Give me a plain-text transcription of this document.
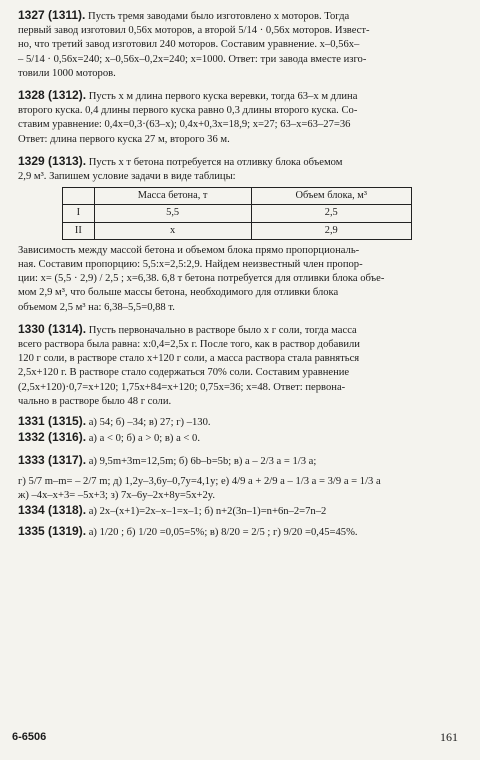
1327 (1311). Пусть тремя заводами было изготовлено x моторов. Тогда

первый завод изготовил 0,56x моторов, а второй 5/14 · 0,56x моторов. Извест-

но, что третий завод изготовил 240 моторов. Составим уравнение. x–0,56x–

– 5/14 · 0,56x=240; x–0,56x–0,2x=240; x=1000. Ответ: три завода вместе изго-

товили 1000 моторов.

1328 (1312). Пусть x м длина первого куска веревки, тогда 63–x м длина

второго куска. 0,4 длины первого куска равно 0,3 длины второго куска. Со-

ставим уравнение: 0,4x=0,3·(63–x); 0,4x+0,3x=18,9; x=27; 63–x=63–27=36

Ответ: длина первого куска 27 м, второго 36 м.

1329 (1313). Пусть x т бетона потребуется на отливку блока объемом

2,9 м³. Запишем условие задачи в виде таблицы:

	Масса бетона, т	Объем блока, м³
I	5,5	2,5
II	x	2,9

Зависимость между массой бетона и объемом блока прямо пропорциональ-

ная. Составим пропорцию: 5,5:x=2,5:2,9. Найдем неизвестный член пропор-

ции: x= (5,5 · 2,9) / 2,5 ; x=6,38. 6,8 т бетона потребуется для отливки блока объе-

мом 2,9 м³, что больше массы бетона, необходимого для отливки блока

объемом 2,5 м³ на: 6,38–5,5=0,88 т.

1330 (1314). Пусть первоначально в растворе было x г соли, тогда масса

всего раствора была равна: x:0,4=2,5x г. После того, как в раствор добавили

120 г соли, в растворе стало x+120 г соли, а масса раствора стала равняться

2,5x+120 г. В растворе стало содержаться 70% соли. Составим уравнение

(2,5x+120)·0,7=x+120; 1,75x+84=x+120; 0,75x=36; x=48. Ответ: первона-

чально в растворе было 48 г соли.

1331 (1315). а) 54; б) –34; в) 27; г) –130.

1332 (1316). а) a < 0; б) a > 0; в) a < 0.

1333 (1317). а) 9,5m+3m=12,5m; б) 6b–b=5b; в) a – 2/3 a = 1/3 a;

г) 5/7 m–m= – 2/7 m; д) 1,2y–3,6y–0,7y=4,1y; е) 4/9 a + 2/9 a – 1/3 a = 3/9 a = 1/3 a

ж) –4x–x+3= –5x+3; з) 7x–6y–2x+8y=5x+2y.

1334 (1318). а) 2x–(x+1)=2x–x–1=x–1; б) n+2(3n–1)=n+6n–2=7n–2

1335 (1319). а) 1/20 ; б) 1/20 =0,05=5%; в) 8/20 = 2/5 ; г) 9/20 =0,45=45%.

6-6506	161
